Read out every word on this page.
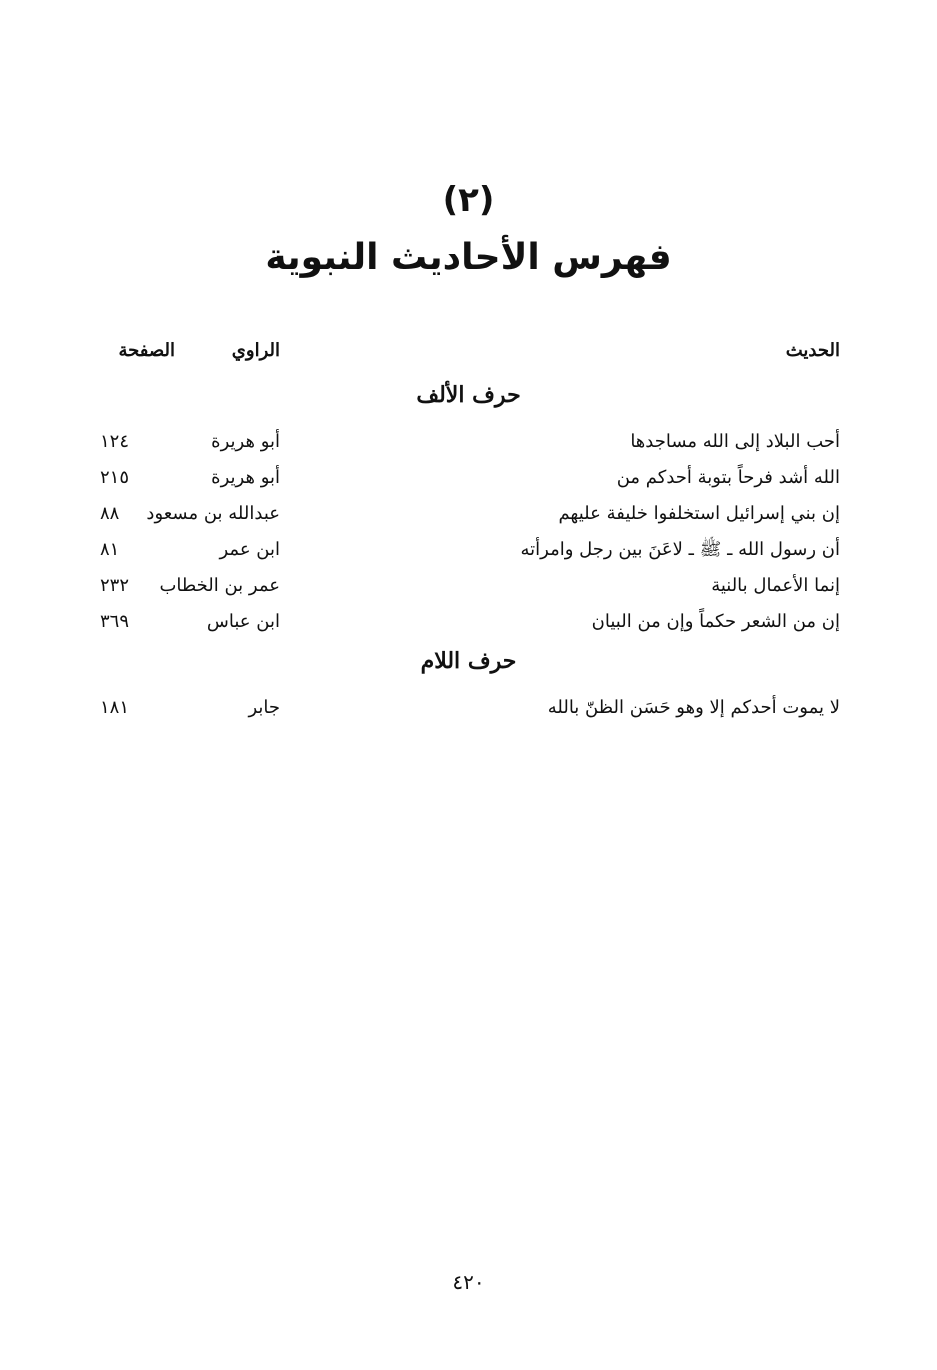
(٢)
فهرس الأحاديث النبوية
الحديث
الراوي
الصفحة
حرف الألف
أحب البلاد إلى الله مساجدها
أبو هريرة
١٢٤
الله أشد فرحاً بتوبة أحدكم من
أبو هريرة
٢١٥
إن بني إسرائيل استخلفوا خليفة عليهم
عبدالله بن مسعود
٨٨
أن رسول الله ـ ﷺ ـ لاعَنَ بين رجل وامرأته
ابن عمر
٨١
إنما الأعمال بالنية
عمر بن الخطاب
٢٣٢
إن من الشعر حكماً وإن من البيان
ابن عباس
٣٦٩
حرف اللام
لا يموت أحدكم إلا وهو حَسَن الظنّ بالله
جابر
١٨١
٤٢٠
